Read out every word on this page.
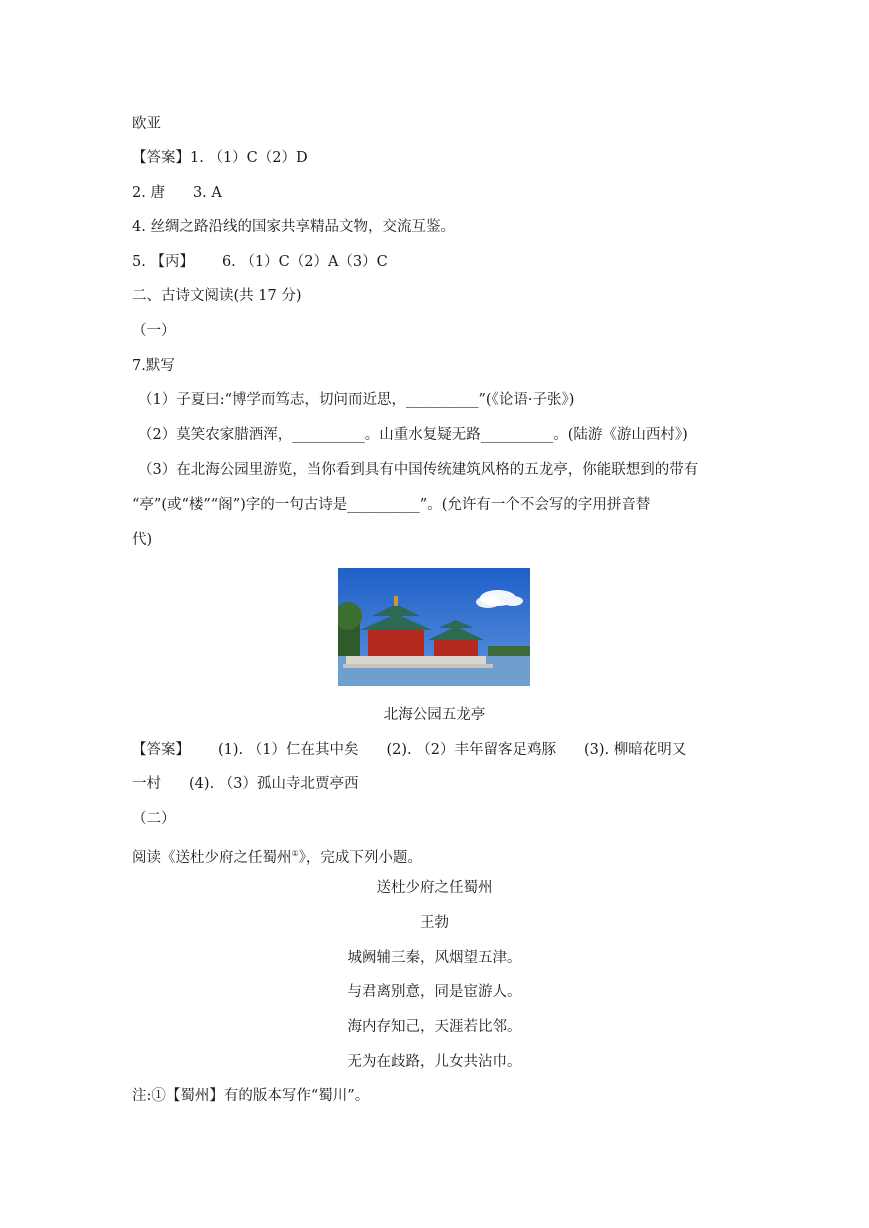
欧亚
【答案】1. （1）C（2）D
2. 唐 3. A
4. 丝绸之路沿线的国家共享精品文物，交流互鉴。
5. 【丙】 6. （1）C（2）A（3）C
二、古诗文阅读(共 17 分)
（一）
7.默写
（1）子夏曰:“博学而笃志，切问而近思，__________”(《论语·子张》)
（2）莫笑农家腊酒浑，__________。山重水复疑无路__________。(陆游《游山西村》)
（3）在北海公园里游览，当你看到具有中国传统建筑风格的五龙亭，你能联想到的带有
“亭”(或“楼”“阁”)字的一句古诗是__________”。(允许有一个不会写的字用拼音替
代)
北海公园五龙亭
【答案】 (1). （1）仁在其中矣 (2). （2）丰年留客足鸡豚 (3). 柳暗花明又
一村 (4). （3）孤山寺北贾亭西
（二）
阅读《送杜少府之任蜀州①》，完成下列小题。
送杜少府之任蜀州
王勃
城阙辅三秦，风烟望五津。
与君离别意，同是宦游人。
海内存知己，天涯若比邻。
无为在歧路，儿女共沾巾。
注:①【蜀州】有的版本写作“蜀川”。
